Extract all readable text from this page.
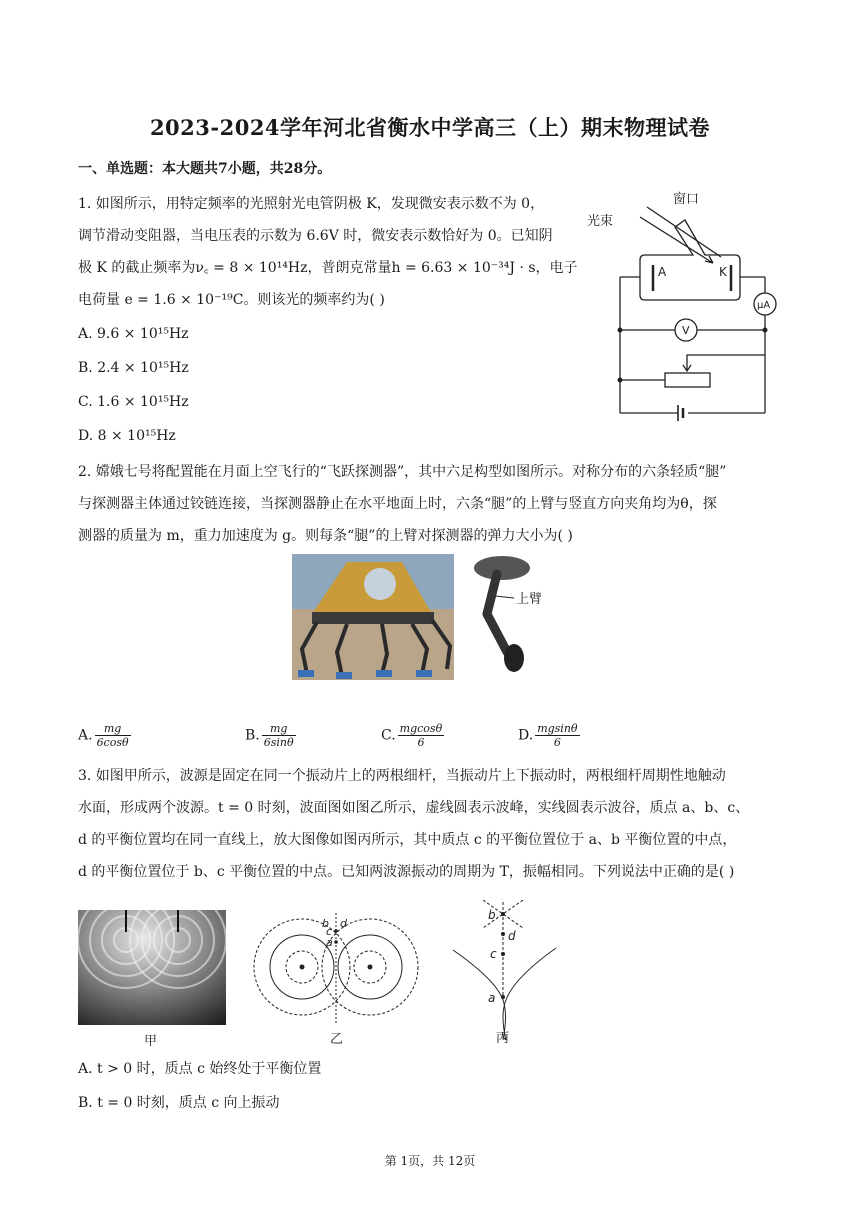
2023-2024学年河北省衡水中学高三（上）期末物理试卷
一、单选题：本大题共7小题，共28分。
1. 如图所示，用特定频率的光照射光电管阴极 K，发现微安表示数不为 0，
调节滑动变阻器，当电压表的示数为 6.6V 时，微安表示数恰好为 0。已知阴
极 K 的截止频率为ν꜀ = 8 × 10¹⁴Hz，普朗克常量h = 6.63 × 10⁻³⁴J · s，电子
电荷量 e = 1.6 × 10⁻¹⁹C。则该光的频率约为( )
A. 9.6 × 10¹⁵Hz
B. 2.4 × 10¹⁵Hz
C. 1.6 × 10¹⁵Hz
D. 8 × 10¹⁵Hz
窗口
光束
A	K
μA
V
2. 嫦娥七号将配置能在月面上空飞行的“飞跃探测器”，其中六足构型如图所示。对称分布的六条轻质“腿”
与探测器主体通过铰链连接，当探测器静止在水平地面上时，六条“腿”的上臂与竖直方向夹角均为θ，探
测器的质量为 m，重力加速度为 g。则每条“腿”的上臂对探测器的弹力大小为( )
上臂
A. $\frac{mg}{6\cos\theta}$	B. $\frac{mg}{6\sin\theta}$	C. $\frac{mgcos\theta}{6}$	D. $\frac{mgsin\theta}{6}$
3. 如图甲所示，波源是固定在同一个振动片上的两根细杆，当振动片上下振动时，两根细杆周期性地触动
水面，形成两个波源。t = 0 时刻，波面图如图乙所示，虚线圆表示波峰，实线圆表示波谷，质点 a、b、c、
d 的平衡位置均在同一直线上，放大图像如图丙所示，其中质点 c 的平衡位置位于 a、b 平衡位置的中点，
d 的平衡位置位于 b、c 平衡位置的中点。已知两波源振动的周期为 T，振幅相同。下列说法中正确的是( )
甲
b
c
d
a
乙
b
d
c
a
丙
A. t > 0 时，质点 c 始终处于平衡位置
B. t = 0 时刻，质点 c 向上振动
第 1页，共 12页
